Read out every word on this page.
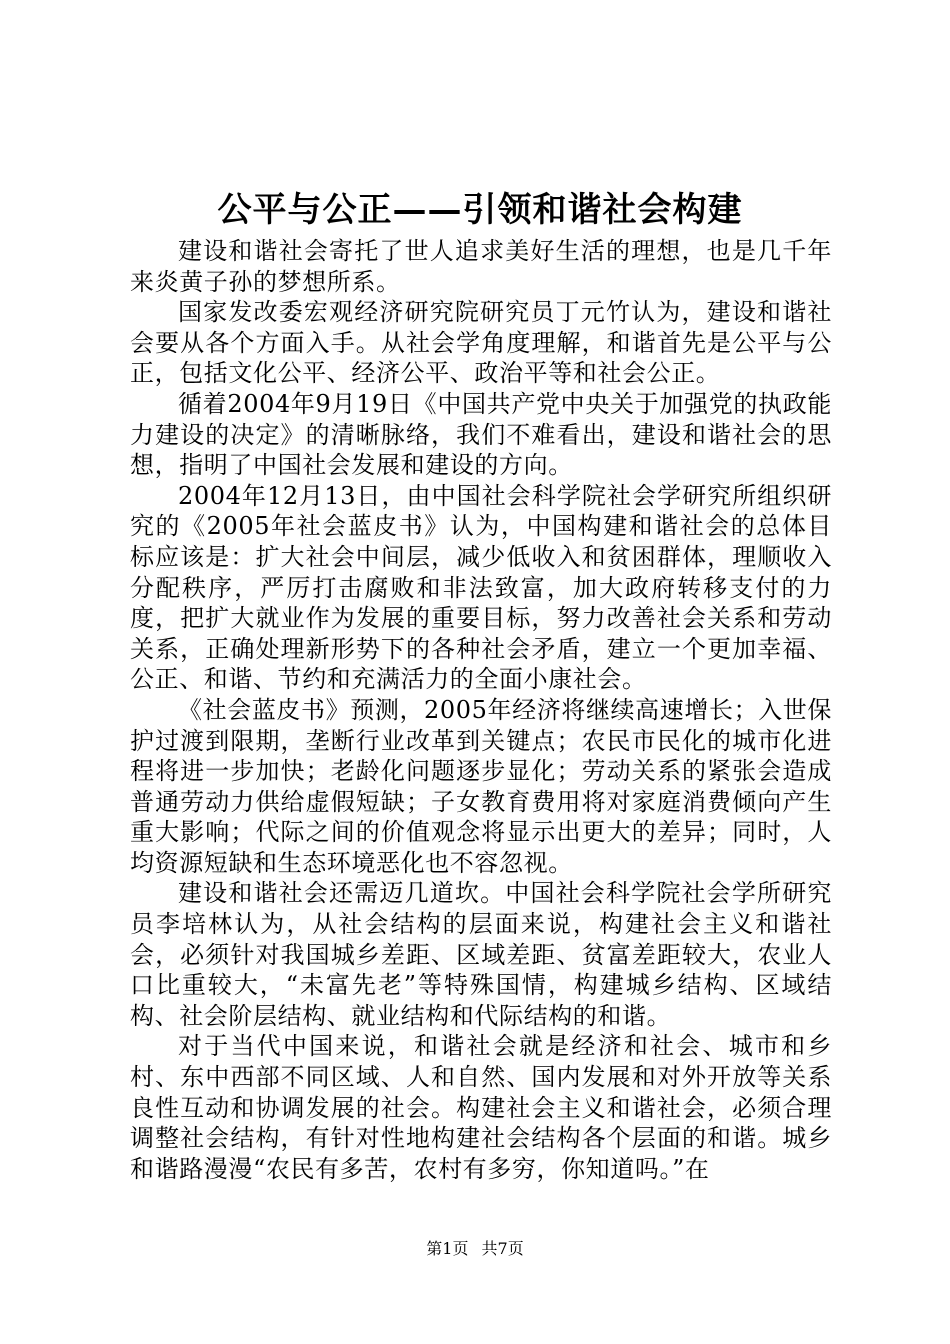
公平与公正——引领和谐社会构建

建设和谐社会寄托了世人追求美好生活的理想，也是几千年来炎黄子孙的梦想所系。

国家发改委宏观经济研究院研究员丁元竹认为，建设和谐社会要从各个方面入手。从社会学角度理解，和谐首先是公平与公正，包括文化公平、经济公平、政治平等和社会公正。

循着2004年9月19日《中国共产党中央关于加强党的执政能力建设的决定》的清晰脉络，我们不难看出，建设和谐社会的思想，指明了中国社会发展和建设的方向。

2004年12月13日，由中国社会科学院社会学研究所组织研究的《2005年社会蓝皮书》认为，中国构建和谐社会的总体目标应该是：扩大社会中间层，减少低收入和贫困群体，理顺收入分配秩序，严厉打击腐败和非法致富，加大政府转移支付的力度，把扩大就业作为发展的重要目标，努力改善社会关系和劳动关系，正确处理新形势下的各种社会矛盾，建立一个更加幸福、公正、和谐、节约和充满活力的全面小康社会。

《社会蓝皮书》预测，2005年经济将继续高速增长；入世保护过渡到限期，垄断行业改革到关键点；农民市民化的城市化进程将进一步加快；老龄化问题逐步显化；劳动关系的紧张会造成普通劳动力供给虚假短缺；子女教育费用将对家庭消费倾向产生重大影响；代际之间的价值观念将显示出更大的差异；同时，人均资源短缺和生态环境恶化也不容忽视。

建设和谐社会还需迈几道坎。中国社会科学院社会学所研究员李培林认为，从社会结构的层面来说，构建社会主义和谐社会，必须针对我国城乡差距、区域差距、贫富差距较大，农业人口比重较大，“未富先老”等特殊国情，构建城乡结构、区域结构、社会阶层结构、就业结构和代际结构的和谐。

对于当代中国来说，和谐社会就是经济和社会、城市和乡村、东中西部不同区域、人和自然、国内发展和对外开放等关系良性互动和协调发展的社会。构建社会主义和谐社会，必须合理调整社会结构，有针对性地构建社会结构各个层面的和谐。城乡和谐路漫漫“农民有多苦，农村有多穷，你知道吗。”在

第1页 共7页
